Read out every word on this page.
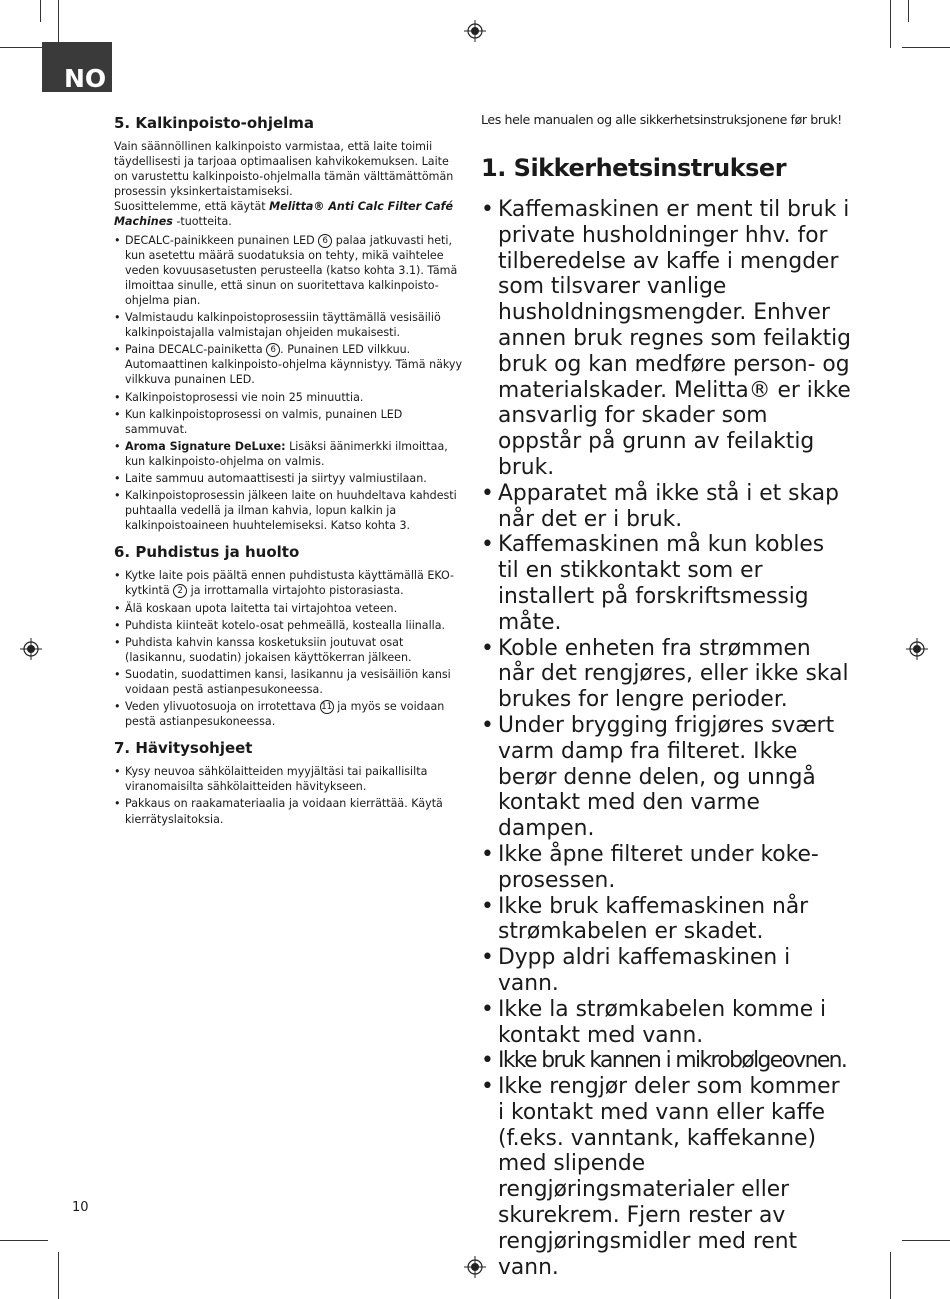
NO
5. Kalkinpoisto-ohjelma

Vain säännöllinen kalkinpoisto varmistaa, että laite toimii täydellisesti ja tarjoaa optimaalisen kahvikokemuksen. Laite on varustettu kalkinpoisto-ohjelmalla tämän välttämättömän prosessin yksinkertaistamiseksi.

Suosittelemme, että käytät Melitta® Anti Calc Filter Café Machines -tuotteita.

• DECALC-painikkeen punainen LED 6 palaa jatkuvasti heti, kun asetettu määrä suodatuksia on tehty, mikä vaihtelee veden kovuusasetusten perusteella (katso kohta 3.1). Tämä ilmoittaa sinulle, että sinun on suoritettava kalkinpoisto-ohjelma pian.
• Valmistaudu kalkinpoistoprosessiin täyttämällä vesisäiliö kalkinpoistajalla valmistajan ohjeiden mukaisesti.
• Paina DECALC-painiketta 6 . Punainen LED vilkkuu.
Automaattinen kalkinpoisto-ohjelma käynnistyy. Tämä näkyy vilkkuva punainen LED.
• Kalkinpoistoprosessi vie noin 25 minuuttia.
• Kun kalkinpoistoprosessi on valmis, punainen LED sammuvat.
• Aroma Signature DeLuxe: Lisäksi äänimerkki ilmoittaa, kun kalkinpoisto-ohjelma on valmis.
• Laite sammuu automaattisesti ja siirtyy valmiustilaan.
• Kalkinpoistoprosessin jälkeen laite on huuhdeltava kahdesti puhtaalla vedellä ja ilman kahvia, lopun kalkin ja kalkinpoistoaineen huuhtelemiseksi. Katso kohta 3.
6. Puhdistus ja huolto
• Kytke laite pois päältä ennen puhdistusta käyttämällä EKO-kytkintä 2 ja irrottamalla virtajohto pistorasiasta.
• Älä koskaan upota laitetta tai virtajohtoa veteen.
• Puhdista kiinteät kotelo-osat pehmeällä, kostealla liinalla.
• Puhdista kahvin kanssa kosketuksiin joutuvat osat (lasikannu, suodatin) jokaisen käyttökerran jälkeen.
• Suodatin, suodattimen kansi, lasikannu ja vesisäiliön kansi voidaan pestä astianpesukoneessa.
• Veden ylivuotosuoja on irrotettava 11 ja myös se voidaan pestä astianpesukoneessa.
7. Hävitysohjeet
• Kysy neuvoa sähkölaitteiden myyjältäsi tai paikallisilta viranomaisilta sähkölaitteiden hävitykseen.
• Pakkaus on raakamateriaalia ja voidaan kierrättää. Käytä kierrätyslaitoksia.

Les hele manualen og alle sikkerhetsinstruksjonene før bruk!

1. Sikkerhetsinstrukser
• Kaffemaskinen er ment til bruk i private husholdninger hhv. for tilberedelse av kaffe i mengder som tilsvarer vanlige husholdningsmengder. Enhver annen bruk regnes som feilaktig bruk og kan medføre person- og materialskader. Melitta® er ikke ansvarlig for skader som oppstår på grunn av feilaktig bruk.
• Apparatet må ikke stå i et skap når det er i bruk.
• Kaffemaskinen må kun kobles til en stikkontakt som er installert på forskriftsmessig måte.
• Koble enheten fra strømmen når det rengjøres, eller ikke skal brukes for lengre perioder.
• Under brygging frigjøres svært varm damp fra filteret. Ikke berør denne delen, og unngå kontakt med den varme dampen.
• Ikke åpne filteret under koke-prosessen.
• Ikke bruk kaffemaskinen når strømkabelen er skadet.
• Dypp aldri kaffemaskinen i vann.
• Ikke la strømkabelen komme i kontakt med vann.
• Ikke bruk kannen i mikrobølgeovnen.
• Ikke rengjør deler som kommer i kontakt med vann eller kaffe (f.eks. vanntank, kaffekanne) med slipende rengjøringsmaterialer eller skurekrem. Fjern rester av rengjøringsmidler med rent vann.
10
